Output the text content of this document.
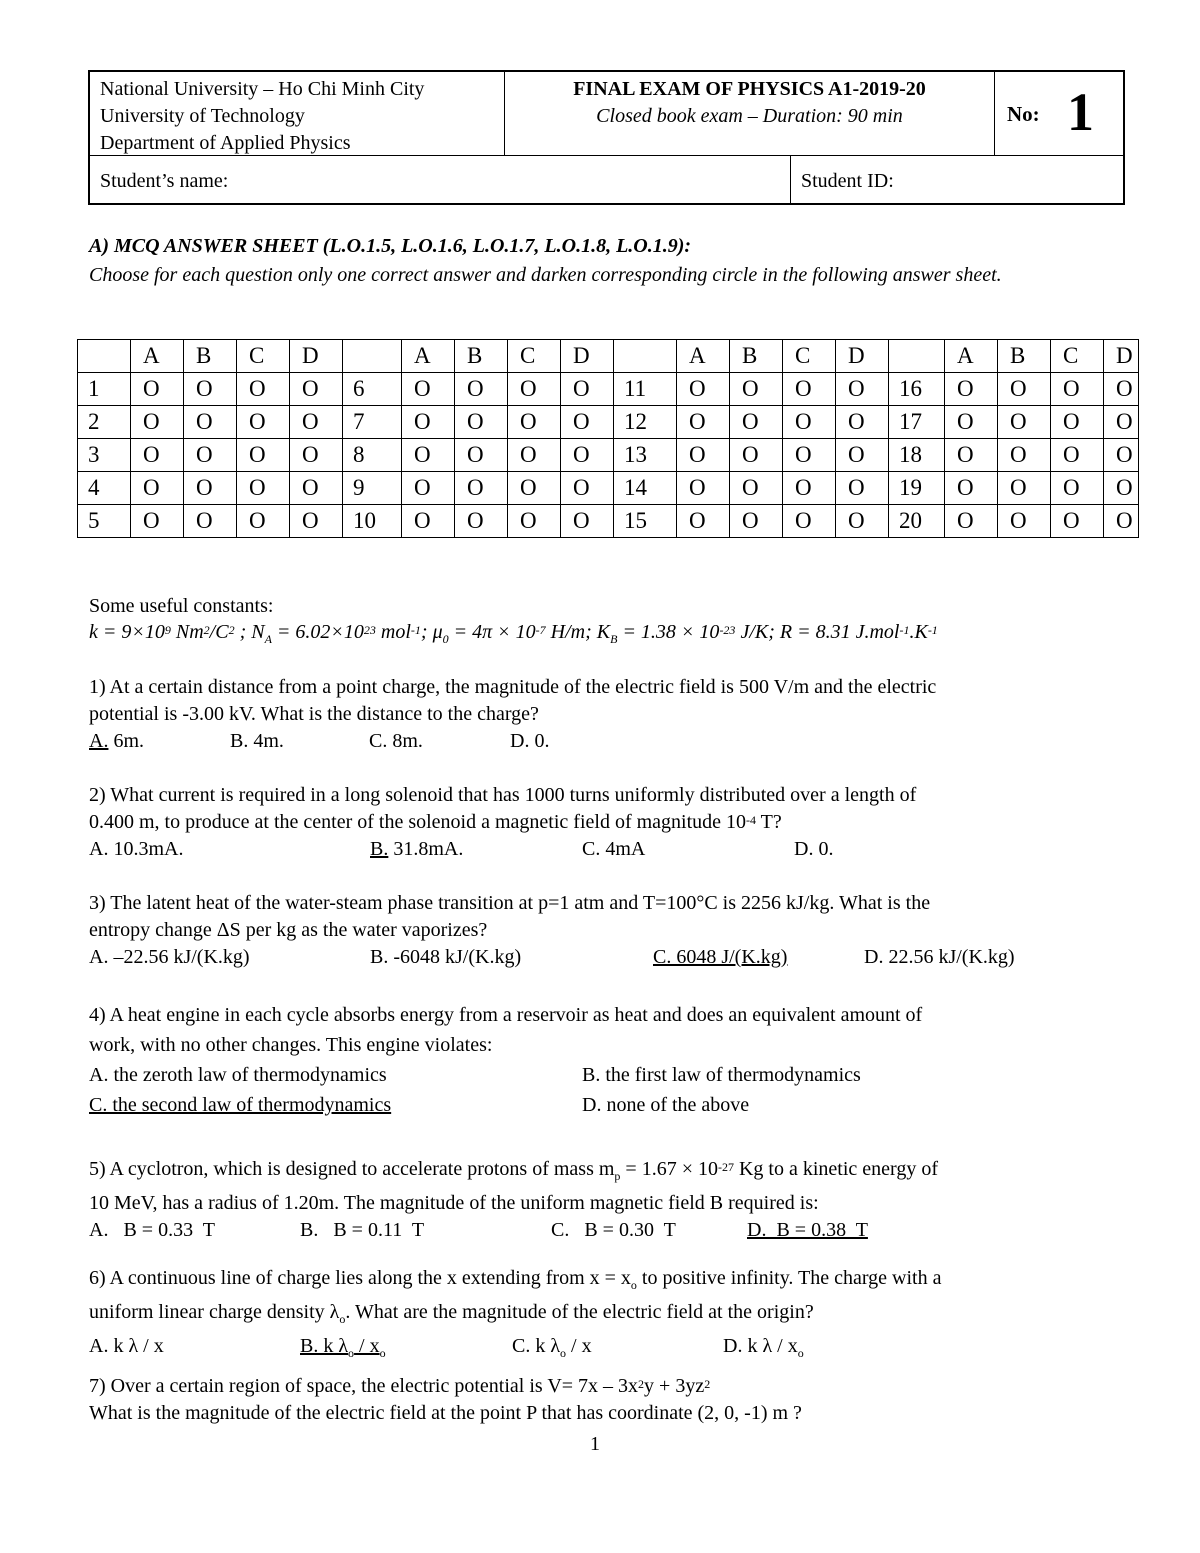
National University – Ho Chi Minh City
University of Technology
Department of Applied Physics
FINAL EXAM OF PHYSICS A1-2019-20
Closed book exam – Duration: 90 min	No: 1
Student’s name:	Student ID:
A) MCQ ANSWER SHEET (L.O.1.5, L.O.1.6, L.O.1.7, L.O.1.8, L.O.1.9):
Choose for each question only one correct answer and darken corresponding circle in the following answer sheet.
	A	B	C	D		A	B	C	D		A	B	C	D		A	B	C	D
1	O	O	O	O	6	O	O	O	O	11	O	O	O	O	16	O	O	O	O
2	O	O	O	O	7	O	O	O	O	12	O	O	O	O	17	O	O	O	O
3	O	O	O	O	8	O	O	O	O	13	O	O	O	O	18	O	O	O	O
4	O	O	O	O	9	O	O	O	O	14	O	O	O	O	19	O	O	O	O
5	O	O	O	O	10	O	O	O	O	15	O	O	O	O	20	O	O	O	O
Some useful constants:
$k = 9\times 10^9$ $Nm^2/C^2$ ; $N_A = 6.02\times 10^{23}$ mol$^{-1}$; $\mu_0 = 4\pi \times 10^{-7}$ H/m; $K_B = 1.38 \times 10^{-23}$ J/K; R = 8.31 $J.mol^{-1}.K^{-1}$
1) At a certain distance from a point charge, the magnitude of the electric field is 500 V/m and the electric
potential is -3.00 kV. What is the distance to the charge?
A. 6m.	B. 4m.	C. 8m.	D. 0.
2) What current is required in a long solenoid that has 1000 turns uniformly distributed over a length of
0.400 m, to produce at the center of the solenoid a magnetic field of magnitude $10^{-4}$ T?
A. 10.3mA.	B. 31.8mA.	C. 4mA	D. 0.
3) The latent heat of the water-steam phase transition at p=1 atm and T=100°C is 2256 kJ/kg. What is the
entropy change ΔS per kg as the water vaporizes?
A. –22.56 kJ/(K.kg)	B. -6048 kJ/(K.kg)	C. 6048 J/(K.kg)	D. 22.56 kJ/(K.kg)
4) A heat engine in each cycle absorbs energy from a reservoir as heat and does an equivalent amount of
work, with no other changes. This engine violates:
A. the zeroth law of thermodynamics	B. the first law of thermodynamics
C. the second law of thermodynamics	D. none of the above
5) A cyclotron, which is designed to accelerate protons of mass $m_p = 1.67 \times 10^{-27}$ Kg to a kinetic energy of
10 MeV, has a radius of 1.20m. The magnitude of the uniform magnetic field B required is:
A.   B = 0.33  T	B.   B = 0.11  T	C.   B = 0.30  T	D.  B = 0.38  T
6) A continuous line of charge lies along the x extending from $x = x_o$ to positive infinity. The charge with a
uniform linear charge density $\lambda_o$. What are the magnitude of the electric field at the origin?
A. k λ / x	B. k $\lambda_o / x_o$	C. k $\lambda_o$ / x	D. k λ / $x_o$
7) Over a certain region of space, the electric potential is $V= 7x - 3x^2y + 3yz^2$
What is the magnitude of the electric field at the point P that has coordinate (2, 0, -1) m ?
1
